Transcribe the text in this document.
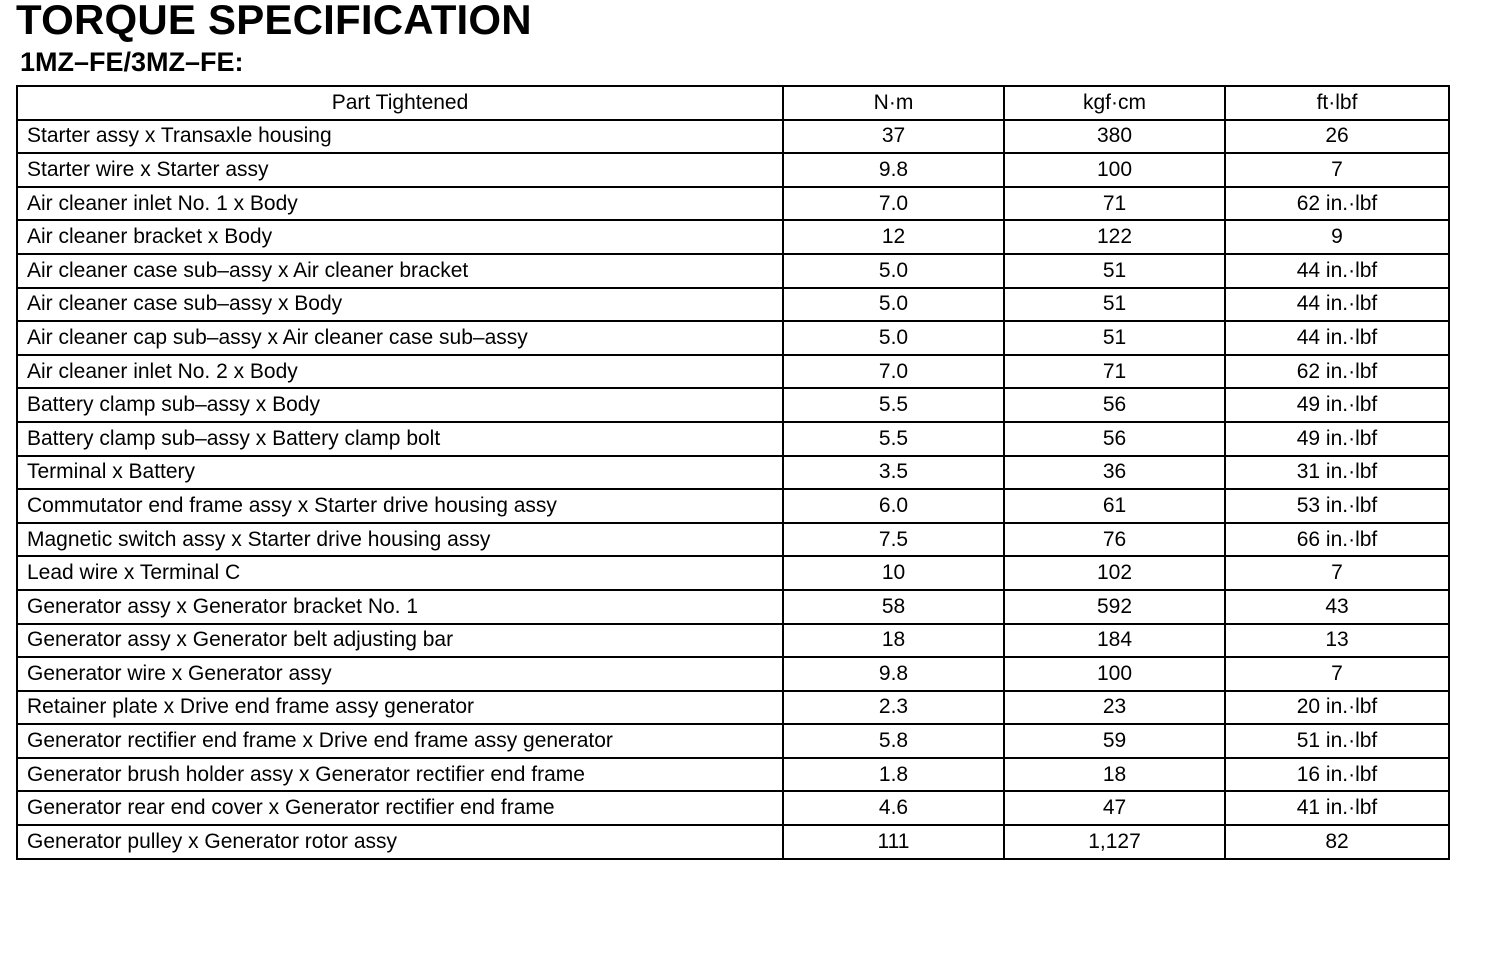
TORQUE SPECIFICATION
1MZ–FE/3MZ–FE:
Part Tightened	N·m	kgf·cm	ft·lbf
Starter assy x Transaxle housing	37	380	26
Starter wire x Starter assy	9.8	100	7
Air cleaner inlet No. 1 x Body	7.0	71	62 in.·lbf
Air cleaner bracket x Body	12	122	9
Air cleaner case sub–assy x Air cleaner bracket	5.0	51	44 in.·lbf
Air cleaner case sub–assy x Body	5.0	51	44 in.·lbf
Air cleaner cap sub–assy x Air cleaner case sub–assy	5.0	51	44 in.·lbf
Air cleaner inlet No. 2 x Body	7.0	71	62 in.·lbf
Battery clamp sub–assy x Body	5.5	56	49 in.·lbf
Battery clamp sub–assy x Battery clamp bolt	5.5	56	49 in.·lbf
Terminal x Battery	3.5	36	31 in.·lbf
Commutator end frame assy x Starter drive housing assy	6.0	61	53 in.·lbf
Magnetic switch assy x Starter drive housing assy	7.5	76	66 in.·lbf
Lead wire x Terminal C	10	102	7
Generator assy x Generator bracket No. 1	58	592	43
Generator assy x Generator belt adjusting bar	18	184	13
Generator wire x Generator assy	9.8	100	7
Retainer plate x Drive end frame assy generator	2.3	23	20 in.·lbf
Generator rectifier end frame x Drive end frame assy generator	5.8	59	51 in.·lbf
Generator brush holder assy x Generator rectifier end frame	1.8	18	16 in.·lbf
Generator rear end cover x Generator rectifier end frame	4.6	47	41 in.·lbf
Generator pulley x Generator rotor assy	111	1,127	82
